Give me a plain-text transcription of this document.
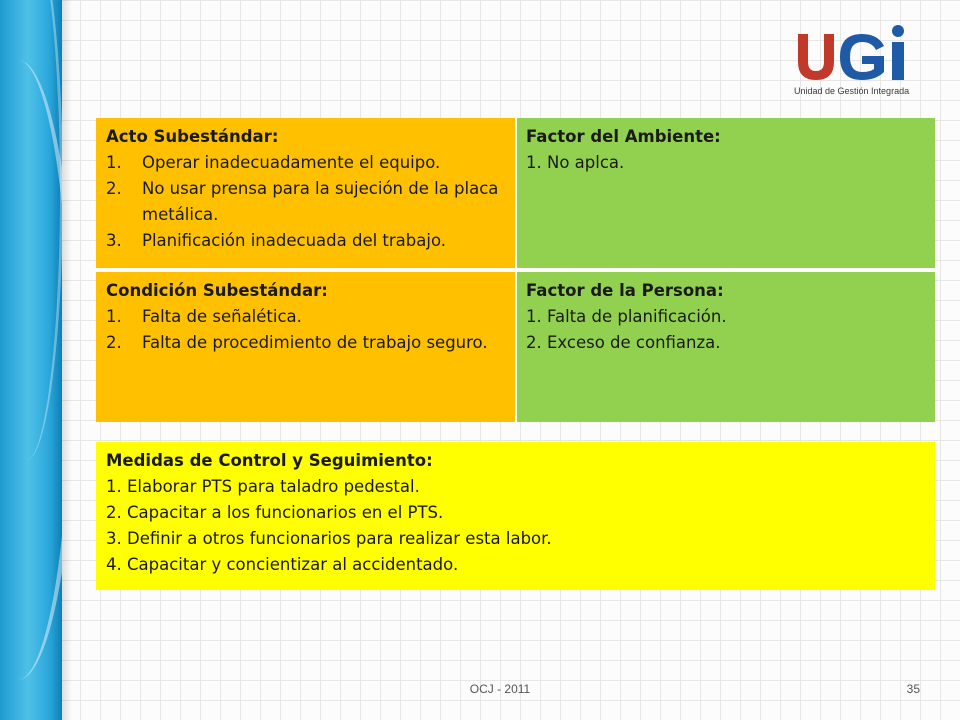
Unidad de Gestión Integrada
Acto Subestándar:
1. Operar inadecuadamente el equipo.
2. No usar prensa para la sujeción de la placa metálica.
3. Planificación inadecuada del trabajo.
Factor del Ambiente:
1. No aplca.
Condición Subestándar:
1. Falta de señalética.
2. Falta de procedimiento de trabajo seguro.
Factor de la Persona:
1. Falta de planificación.
2. Exceso de confianza.
Medidas de Control y Seguimiento:
1. Elaborar PTS para taladro pedestal.
2. Capacitar a los funcionarios en el PTS.
3. Definir a otros funcionarios para realizar esta labor.
4. Capacitar y concientizar al accidentado.
OCJ - 2011	35
